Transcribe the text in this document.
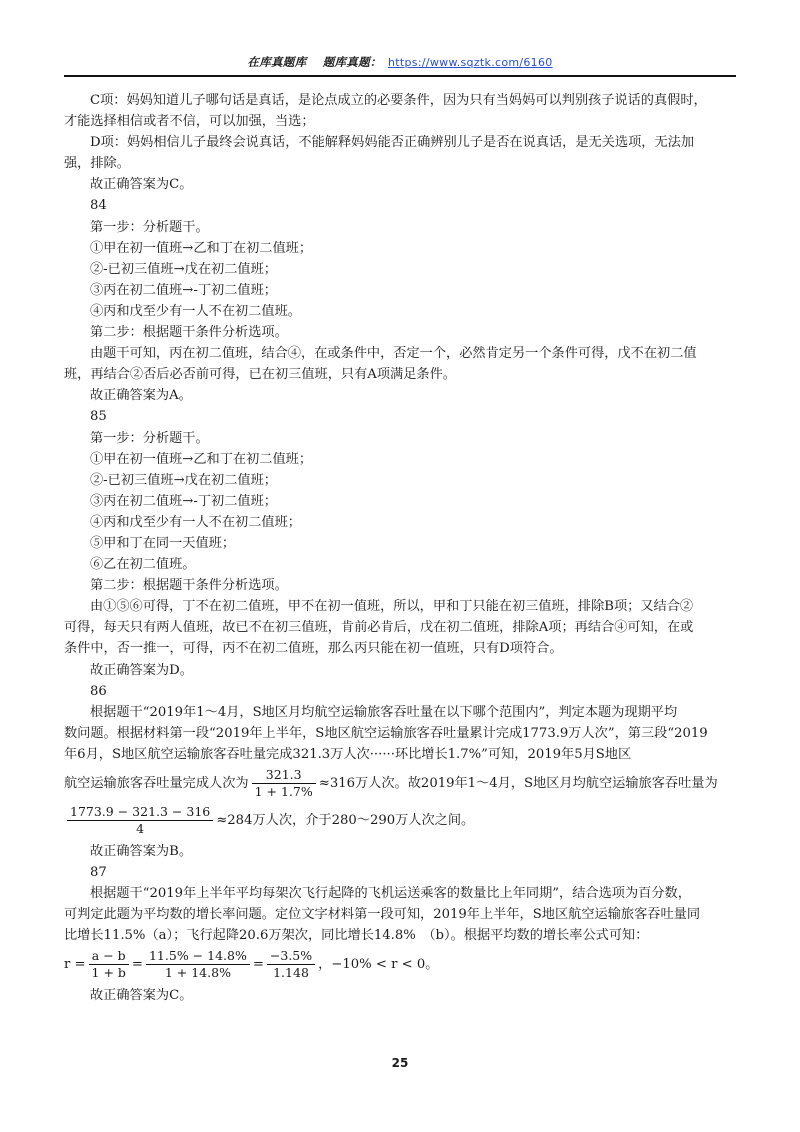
在库真题库 题库真题： https://www.sqztk.com/6160

C项：妈妈知道儿子哪句话是真话，是论点成立的必要条件，因为只有当妈妈可以判别孩子说话的真假时，

才能选择相信或者不信，可以加强，当选；

D项：妈妈相信儿子最终会说真话，不能解释妈妈能否正确辨别儿子是否在说真话，是无关选项，无法加

强，排除。

故正确答案为C。

84

第一步：分析题干。

①甲在初一值班→乙和丁在初二值班；

②-已初三值班→戊在初二值班；

③丙在初二值班→-丁初二值班；

④丙和戊至少有一人不在初二值班。

第二步：根据题干条件分析选项。

由题干可知，丙在初二值班，结合④，在或条件中，否定一个，必然肯定另一个条件可得，戊不在初二值

班，再结合②否后必否前可得，已在初三值班，只有A项满足条件。

故正确答案为A。

85

第一步：分析题干。

①甲在初一值班→乙和丁在初二值班；

②-已初三值班→戊在初二值班；

③丙在初二值班→-丁初二值班；

④丙和戊至少有一人不在初二值班；

⑤甲和丁在同一天值班；

⑥乙在初二值班。

第二步：根据题干条件分析选项。

由①⑤⑥可得，丁不在初二值班，甲不在初一值班，所以，甲和丁只能在初三值班，排除B项；又结合②

可得，每天只有两人值班，故已不在初三值班，肯前必肯后，戊在初二值班，排除A项；再结合④可知，在或

条件中，否一推一，可得，丙不在初二值班，那么丙只能在初一值班，只有D项符合。

故正确答案为D。

86

根据题干“2019年1～4月，S地区月均航空运输旅客吞吐量在以下哪个范围内”，判定本题为现期平均

数问题。根据材料第一段“2019年上半年，S地区航空运输旅客吞吐量累计完成1773.9万人次”，第三段“2019

年6月，S地区航空运输旅客吞吐量完成321.3万人次······环比增长1.7%”可知，2019年5月S地区

航空运输旅客吞吐量完成人次为 $\frac{321.3}{1 + 1.7\%} \approx 316$万人次。故2019年1～4月，S地区月均航空运输旅客吞吐量为

$\frac{1773.9 - 321.3 - 316}{4} \approx 284$万人次，介于280～290万人次之间。

故正确答案为B。

87

根据题干“2019年上半年平均每架次飞行起降的飞机运送乘客的数量比上年同期”，结合选项为百分数，

可判定此题为平均数的增长率问题。定位文字材料第一段可知，2019年上半年，S地区航空运输旅客吞吐量同

比增长11.5%（a）；飞行起降20.6万架次，同比增长14.8%　（b）。根据平均数的增长率公式可知：

$r = \frac{a - b}{1 + b} = \frac{11.5\% - 14.8\%}{1 + 14.8\%} = \frac{-3.5\%}{1.148}$ ，−10% < r < 0。

故正确答案为C。

25
